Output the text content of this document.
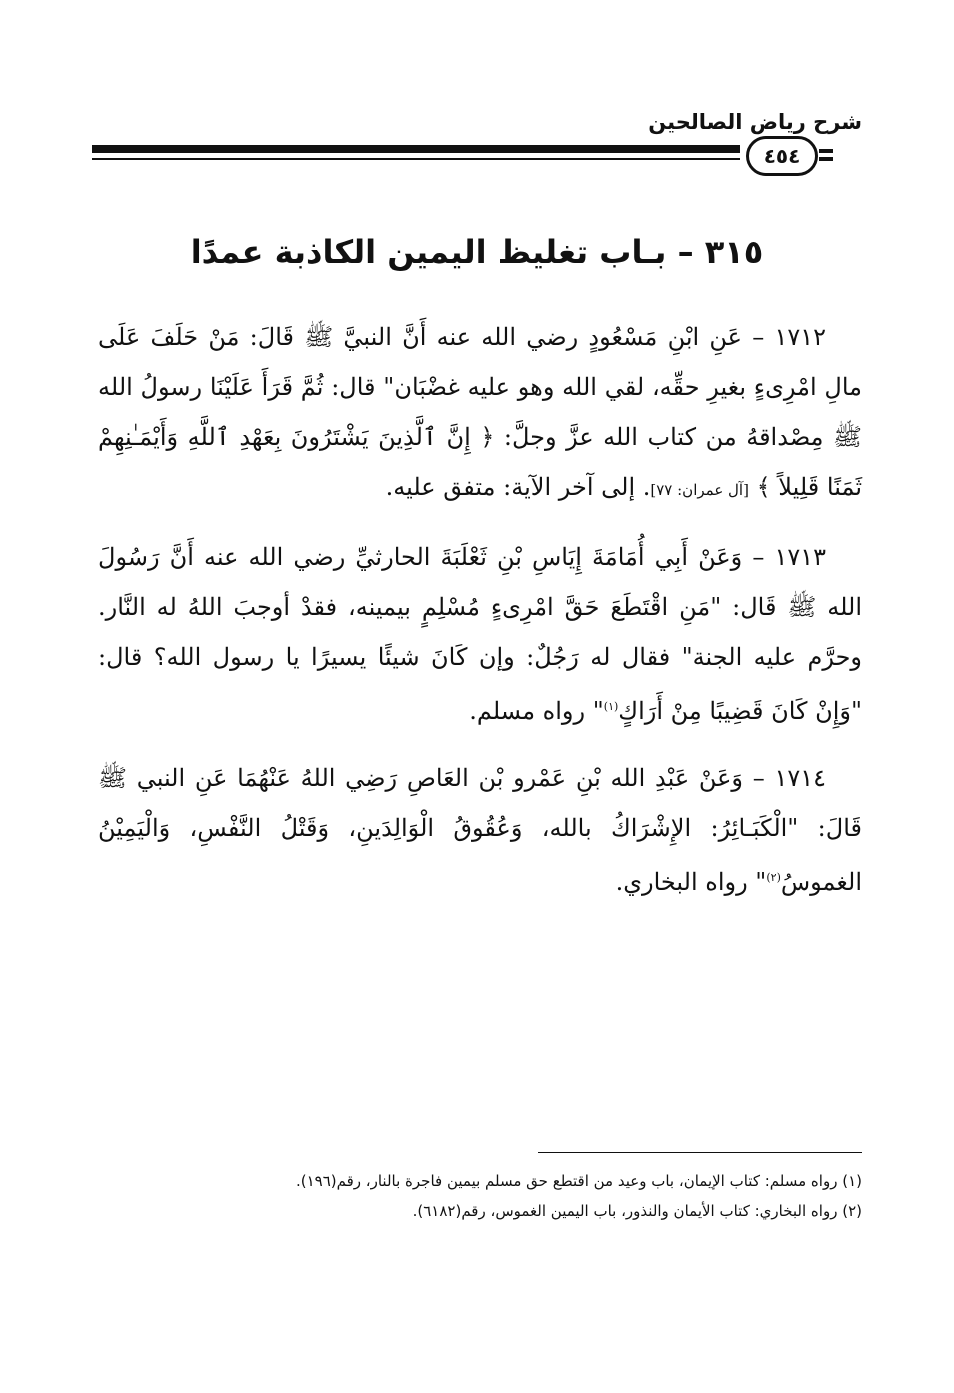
شرح رياض الصالحين
٤٥٤
٣١٥ – بـاب تغليظ اليمين الكاذبة عمدًا

١٧١٢ – عَنِ ابْنِ مَسْعُودٍ رضي الله عنه أَنَّ النبيَّ ﷺ قَالَ: مَنْ حَلَفَ عَلَى مالِ امْرِىءٍ بغيرِ حقِّه، لقي الله وهو عليه غضْبَان" قال: ثُمَّ قَرَأَ عَلَيْنَا رسولُ الله ﷺ مِصْداقهُ من كتاب الله عزَّ وجلَّ: ﴿ إِنَّ ٱلَّذِينَ يَشْتَرُونَ بِعَهْدِ ٱللَّهِ وَأَيْمَـٰنِهِمْ ثَمَنًا قَلِيلاً ﴾ [آل عمران: ٧٧]. إلى آخر الآية: متفق عليه.

١٧١٣ – وَعَنْ أَبِي أُمَامَةَ إِيَاسِ بْنِ ثَعْلَبَةَ الحارثيِّ رضي الله عنه أَنَّ رَسُولَ الله ﷺ قَال: "مَنِ اقْتَطَعَ حَقَّ امْرِىءٍ مُسْلِمٍ بيمينه، فقدْ أوجبَ اللهُ له النَّار. وحرَّم عليه الجنة" فقال له رَجُلٌ: وإن كَانَ شيئًا يسيرًا يا رسول الله؟ قال: "وَإِنْ كَانَ قَضِيبًا مِنْ أَرَاكٍ$^{(١)}$" رواه مسلم.

١٧١٤ – وَعَنْ عَبْدِ الله بْنِ عَمْرو بْن العَاصِ رَضِي اللهُ عَنْهُمَا عَنِ النبي ﷺ قَالَ: "الْكَبَـائِرُ: الإِشْرَاكُ بالله، وَعُقُوقُ الْوَالِدَينِ، وَقَتْلُ النَّفْسِ، وَالْيَمِيْنُ الغموسُ$^{(٢)}$" رواه البخاري.

(١) رواه مسلم: كتاب الإيمان، باب وعيد من اقتطع حق مسلم بيمين فاجرة بالنار، رقم(١٩٦).

(٢) رواه البخاري: كتاب الأيمان والنذور، باب اليمين الغموس، رقم(٦١٨٢).
